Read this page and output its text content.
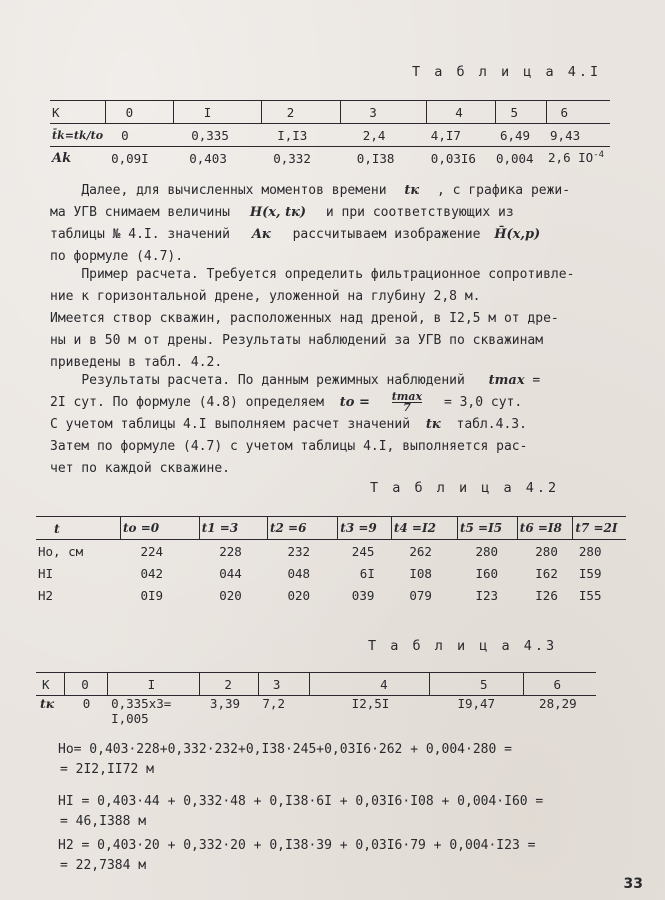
Т а б л и ц а 4.I
K	0	I	2	3	4	5	6
t̄k=tk/to	0	0,335	I,I3	2,4	4,I7	6,49	9,43
Ak	0,09I	0,403	0,332	0,I38	0,03I6	0,004	2,6 $IO^{-4}$
Далее, для вычисленных моментов времени tк , с графика режи-
ма УГВ снимаем величины H(x, tк) и при соответствующих из
таблицы № 4.I. значений Aк рассчитываем изображение H̄(x,p)
по формуле (4.7).
Пример расчета. Требуется определить фильтрационное сопротивле-
ние к горизонтальной дрене, уложенной на глубину 2,8 м.
Имеется створ скважин, расположенных над дреной, в I2,5 м от дре-
ны и в 50 м от дрены. Результаты наблюдений за УГВ по скважинам
приведены в табл. 4.2.
Результаты расчета. По данным режимных наблюдений tmax =
2I сут. По формуле (4.8) определяем to = tmax
7	= 3,0 сут.
С учетом таблицы 4.I выполняем расчет значений tк табл.4.3.
Затем по формуле (4.7) с учетом таблицы 4.I, выполняется рас-
чет по каждой скважине.
Т а б л и ц а 4.2
t	to =0	t1 =3	t2 =6	t3 =9	t4 =I2	t5 =I5	t6 =I8	t7 =2I
Но, см	224	228	232	245	262	280	280	280
HI	042	044	048	6I	I08	I60	I62	I59
H2	0I9	020	020	039	079	I23	I26	I55
Т а б л и ц а 4.3
K	0	I	2	3	4	5	6
tк	0	0,335x3=
I,005	3,39	7,2	I2,5I	I9,47	28,29
Ho= 0,403·228+0,332·232+0,I38·245+0,03I6·262 + 0,004·280 =
= 2I2,II72 м
HI = 0,403·44 + 0,332·48 + 0,I38·6I + 0,03I6·I08 + 0,004·I60 =
= 46,I388 м
H2 = 0,403·20 + 0,332·20 + 0,I38·39 + 0,03I6·79 + 0,004·I23 =
= 22,7384 м
33
